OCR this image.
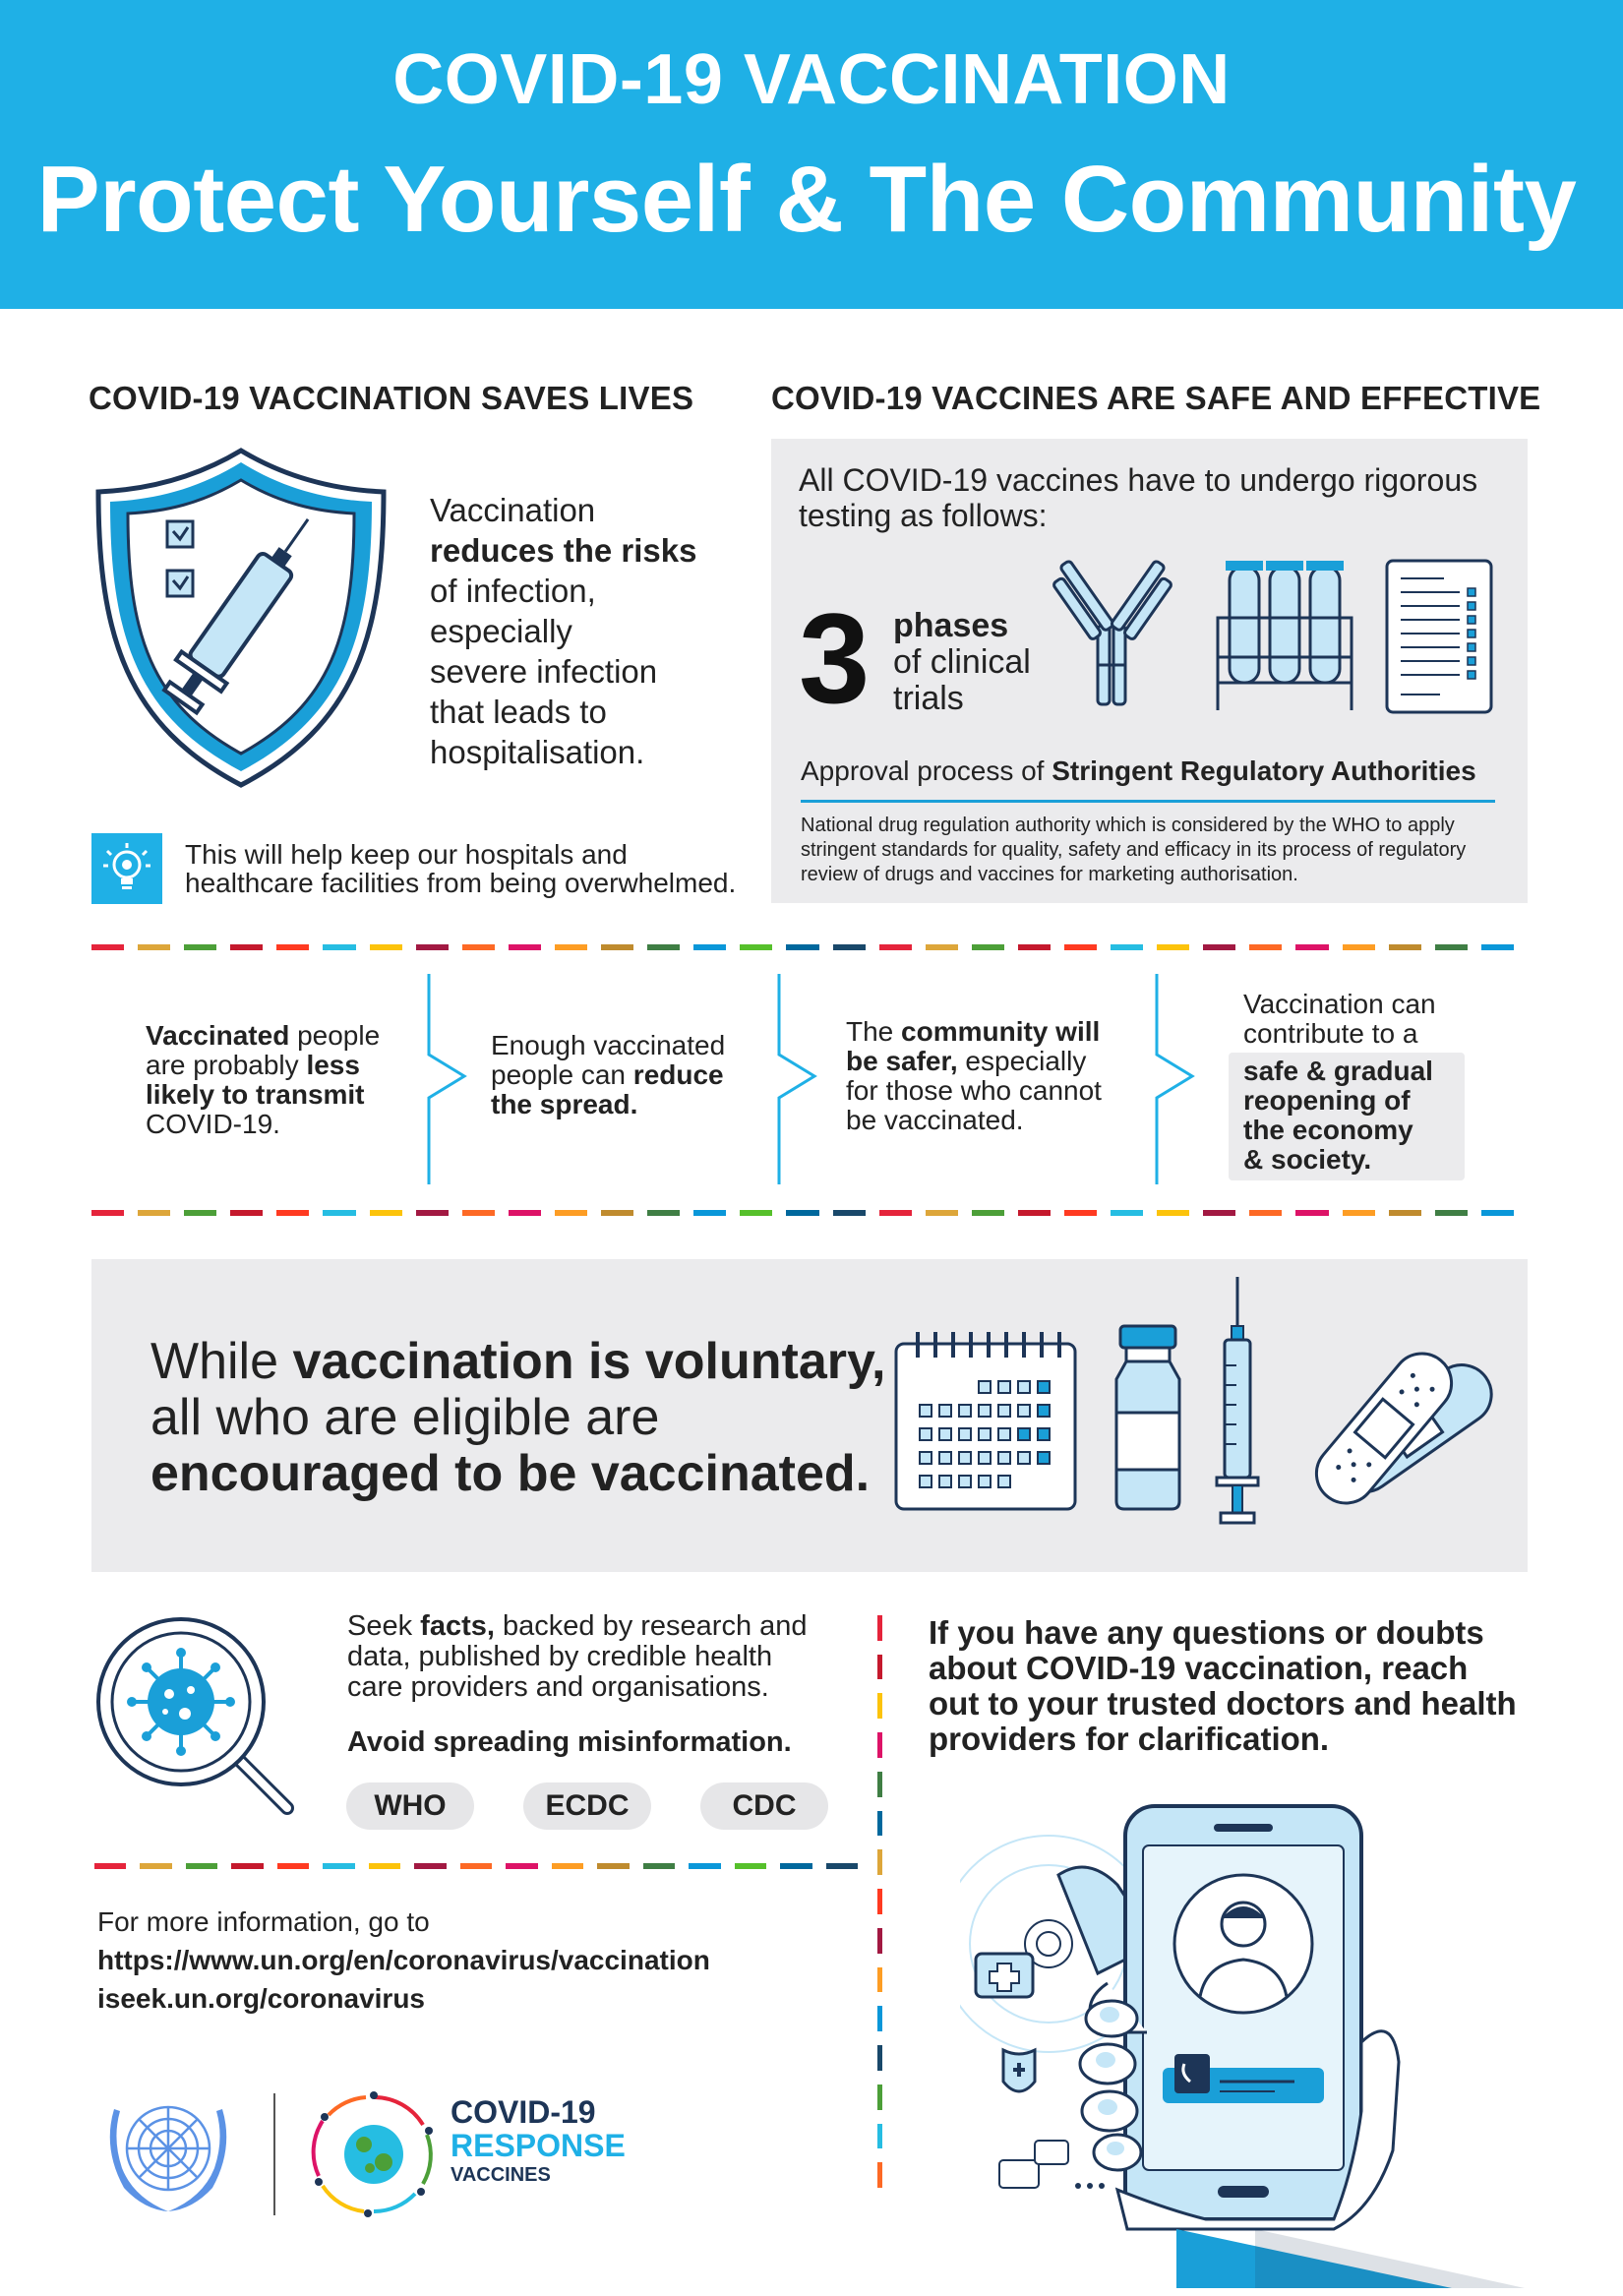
COVID-19 VACCINATION
Protect Yourself & The Community
COVID-19 VACCINATION SAVES LIVES
Vaccination
reduces the risks
of infection,
especially
severe infection
that leads to
hospitalisation.
This will help keep our hospitals and
healthcare facilities from being overwhelmed.
COVID-19 VACCINES ARE SAFE AND EFFECTIVE
All COVID-19 vaccines have to undergo rigorous
testing as follows:
3 phases
of clinical
trials
Approval process of Stringent Regulatory Authorities
National drug regulation authority which is considered by the WHO to apply
stringent standards for quality, safety and efficacy in its process of regulatory
review of drugs and vaccines for marketing authorisation.
Vaccinated people
are probably less
likely to transmit
COVID-19.
Enough vaccinated
people can reduce
the spread.
The community will
be safer, especially
for those who cannot
be vaccinated.
Vaccination can
contribute to a
safe & gradual
reopening of
the economy
& society.
While vaccination is voluntary,
all who are eligible are
encouraged to be vaccinated.
Seek facts, backed by research and
data, published by credible health
care providers and organisations.
Avoid spreading misinformation.
WHO	ECDC	CDC
For more information, go to
https://www.un.org/en/coronavirus/vaccination
iseek.un.org/coronavirus
COVID-19
RESPONSE
VACCINES
If you have any questions or doubts
about COVID-19 vaccination, reach
out to your trusted doctors and health
providers for clarification.
